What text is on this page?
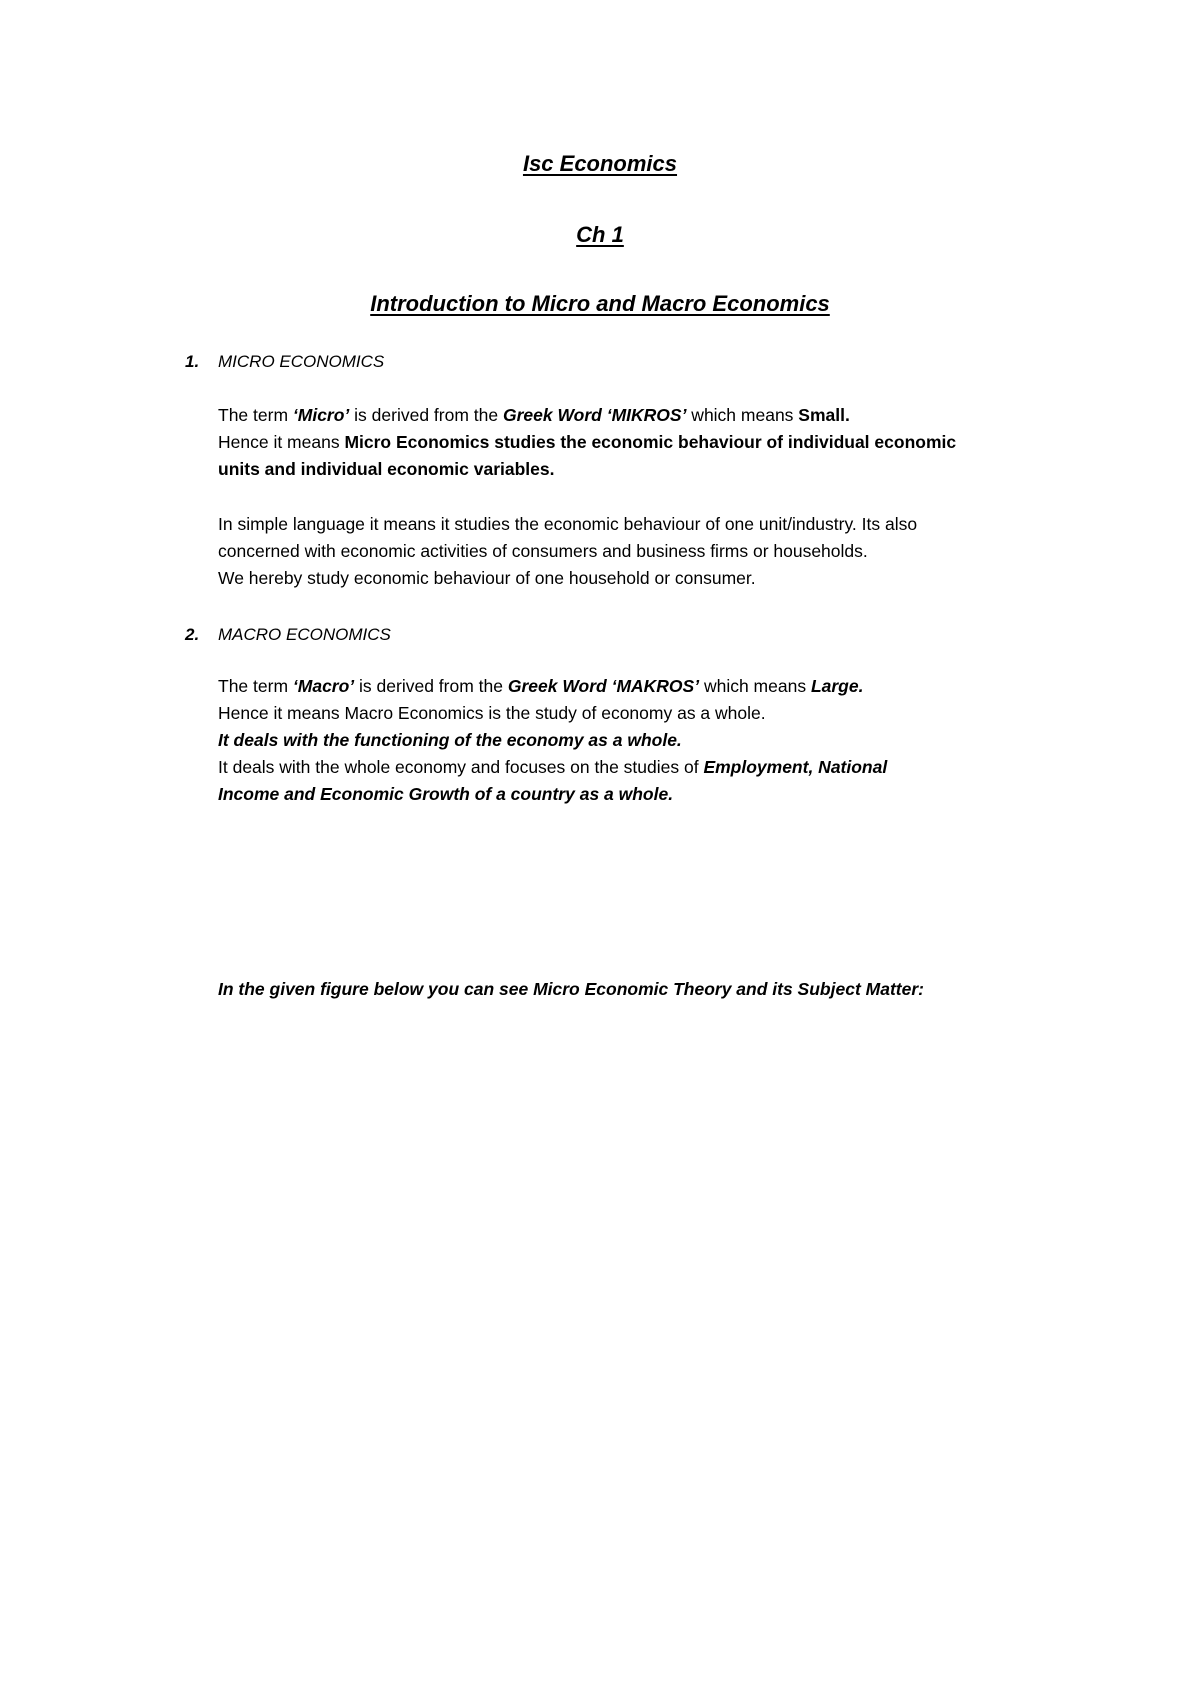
Isc Economics
Ch 1
Introduction to Micro and Macro Economics
1. MICRO ECONOMICS
The term ‘Micro’ is derived from the Greek Word ‘MIKROS’ which means Small.
Hence it means Micro Economics studies the economic behaviour of individual economic
units and individual economic variables.
In simple language it means it studies the economic behaviour of one unit/industry. Its also
concerned with economic activities of consumers and business firms or households.
We hereby study economic behaviour of one household or consumer.
2. MACRO ECONOMICS
The term ‘Macro’ is derived from the Greek Word ‘MAKROS’ which means Large.
Hence it means Macro Economics is the study of economy as a whole.
It deals with the functioning of the economy as a whole.
It deals with the whole economy and focuses on the studies of Employment, National
Income and Economic Growth of a country as a whole.
In the given figure below you can see Micro Economic Theory and its Subject Matter:
